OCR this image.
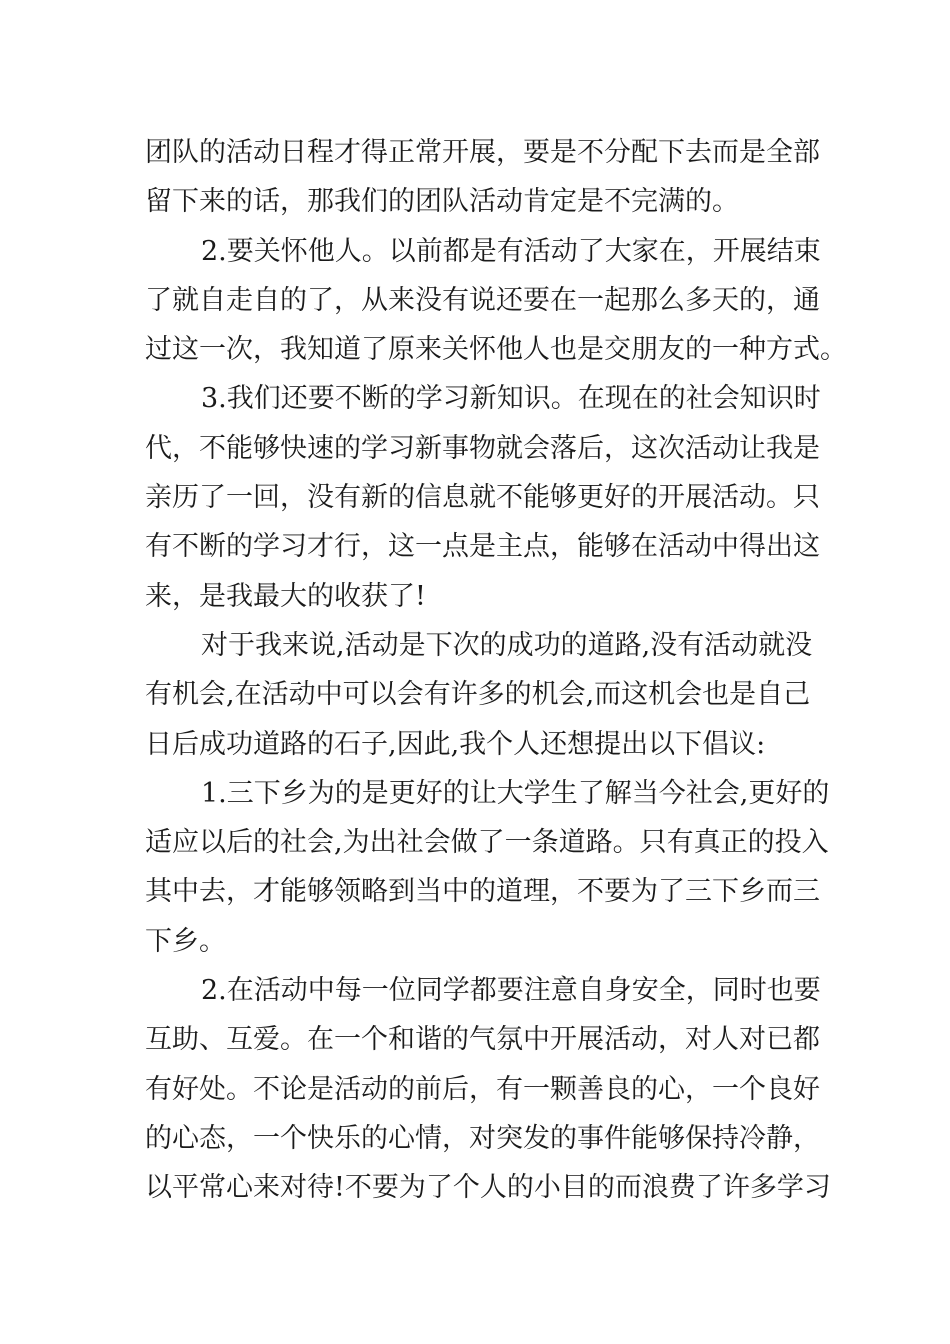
团队的活动日程才得正常开展，要是不分配下去而是全部
留下来的话，那我们的团队活动肯定是不完满的。
2.要关怀他人。以前都是有活动了大家在，开展结束
了就自走自的了，从来没有说还要在一起那么多天的，通
过这一次，我知道了原来关怀他人也是交朋友的一种方式。
3.我们还要不断的学习新知识。在现在的社会知识时
代，不能够快速的学习新事物就会落后，这次活动让我是
亲历了一回，没有新的信息就不能够更好的开展活动。只
有不断的学习才行，这一点是主点，能够在活动中得出这
来，是我最大的收获了!
对于我来说,活动是下次的成功的道路,没有活动就没
有机会,在活动中可以会有许多的机会,而这机会也是自己
日后成功道路的石子,因此,我个人还想提出以下倡议:
1.三下乡为的是更好的让大学生了解当今社会,更好的
适应以后的社会,为出社会做了一条道路。只有真正的投入
其中去，才能够领略到当中的道理，不要为了三下乡而三
下乡。
2.在活动中每一位同学都要注意自身安全，同时也要
互助、互爱。在一个和谐的气氛中开展活动，对人对已都
有好处。不论是活动的前后，有一颗善良的心，一个良好
的心态，一个快乐的心情，对突发的事件能够保持冷静，
以平常心来对待!不要为了个人的小目的而浪费了许多学习
